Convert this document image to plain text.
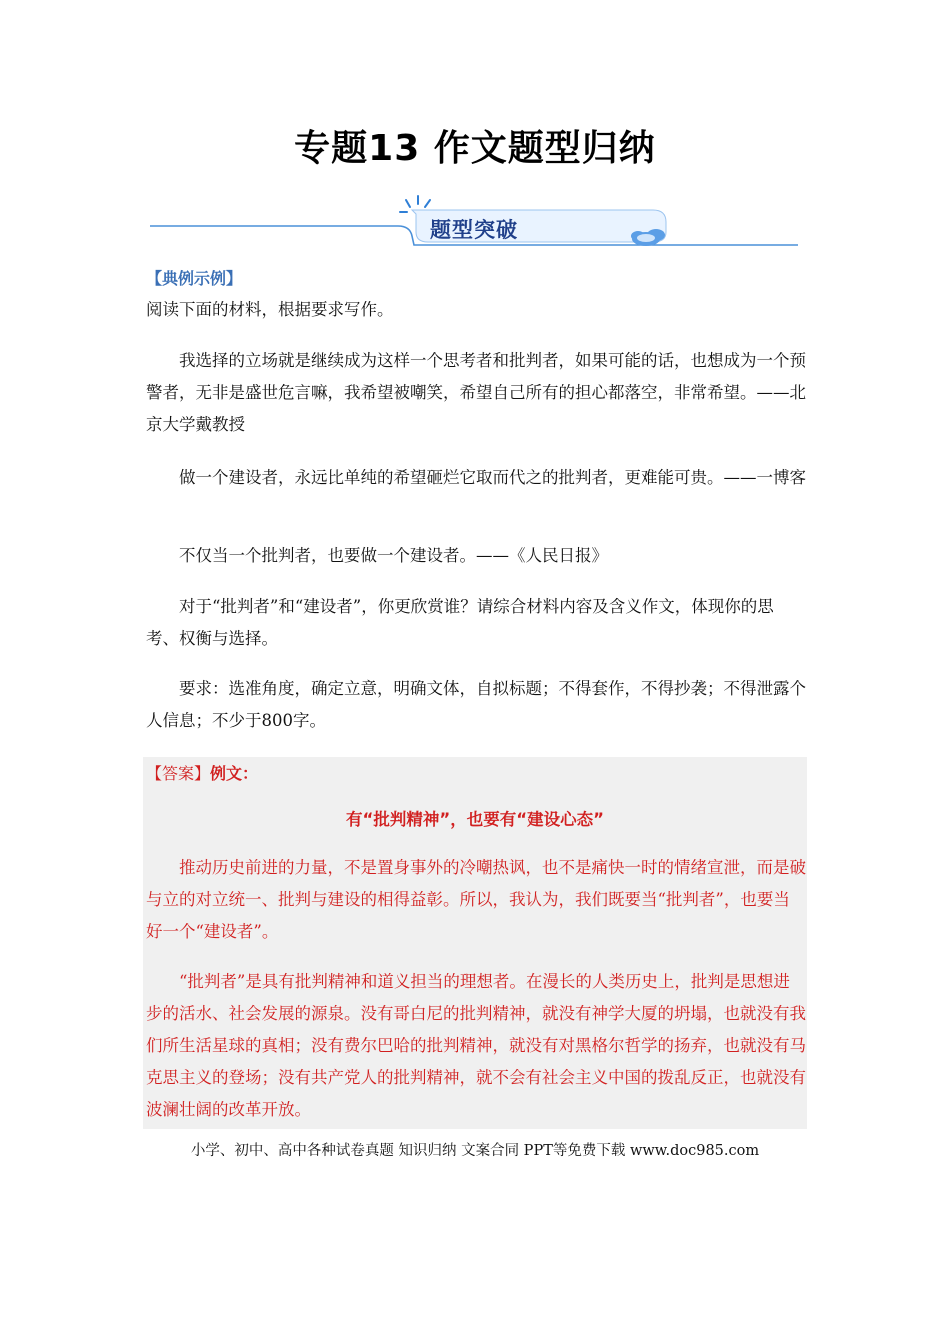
专题13 作文题型归纳
题型突破
【典例示例】

阅读下面的材料，根据要求写作。

我选择的立场就是继续成为这样一个思考者和批判者，如果可能的话，也想成为一个预警者，无非是盛世危言嘛，我希望被嘲笑，希望自己所有的担心都落空，非常希望。——北京大学戴教授

做一个建设者，永远比单纯的希望砸烂它取而代之的批判者，更难能可贵。——一博客

不仅当一个批判者，也要做一个建设者。——《人民日报》

对于“批判者”和“建设者”，你更欣赏谁？请综合材料内容及含义作文，体现你的思考、权衡与选择。

要求：选准角度，确定立意，明确文体，自拟标题；不得套作，不得抄袭；不得泄露个人信息；不少于800字。

【答案】例文：
有“批判精神”，也要有“建设心态”

推动历史前进的力量，不是置身事外的冷嘲热讽，也不是痛快一时的情绪宣泄，而是破与立的对立统一、批判与建设的相得益彰。所以，我认为，我们既要当“批判者”，也要当好一个“建设者”。

“批判者”是具有批判精神和道义担当的理想者。在漫长的人类历史上，批判是思想进步的活水、社会发展的源泉。没有哥白尼的批判精神，就没有神学大厦的坍塌，也就没有我们所生活星球的真相；没有费尔巴哈的批判精神，就没有对黑格尔哲学的扬弃，也就没有马克思主义的登场；没有共产党人的批判精神，就不会有社会主义中国的拨乱反正，也就没有波澜壮阔的改革开放。

小学、初中、高中各种试卷真题 知识归纳 文案合同 PPT等免费下载 www.doc985.com
